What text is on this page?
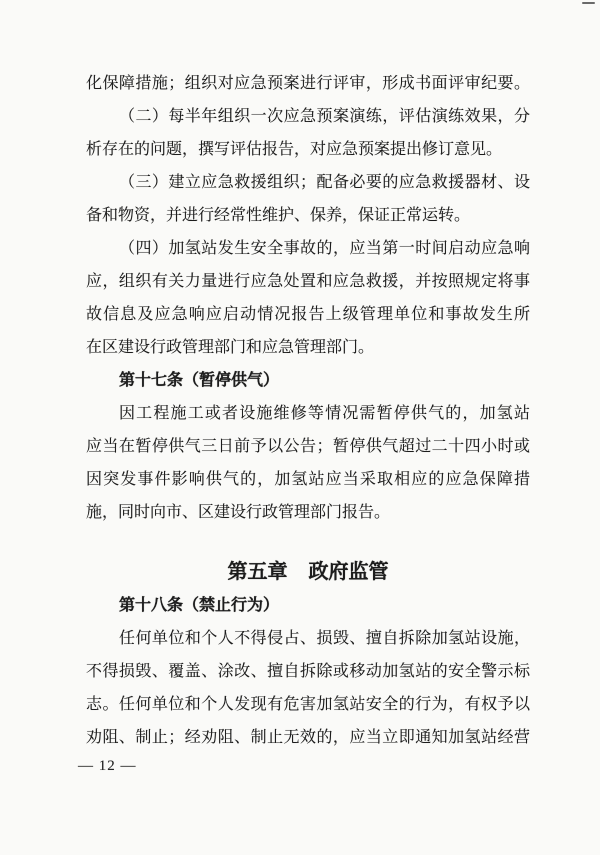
化保障措施；组织对应急预案进行评审，形成书面评审纪要。
（二）每半年组织一次应急预案演练，评估演练效果，分
析存在的问题，撰写评估报告，对应急预案提出修订意见。
（三）建立应急救援组织；配备必要的应急救援器材、设
备和物资，并进行经常性维护、保养，保证正常运转。
（四）加氢站发生安全事故的，应当第一时间启动应急响
应，组织有关力量进行应急处置和应急救援，并按照规定将事
故信息及应急响应启动情况报告上级管理单位和事故发生所
在区建设行政管理部门和应急管理部门。
第十七条（暂停供气）
因工程施工或者设施维修等情况需暂停供气的，加氢站
应当在暂停供气三日前予以公告；暂停供气超过二十四小时或
因突发事件影响供气的，加氢站应当采取相应的应急保障措
施，同时向市、区建设行政管理部门报告。
第五章 政府监管
第十八条（禁止行为）
任何单位和个人不得侵占、损毁、擅自拆除加氢站设施，
不得损毁、覆盖、涂改、擅自拆除或移动加氢站的安全警示标
志。任何单位和个人发现有危害加氢站安全的行为，有权予以
劝阻、制止；经劝阻、制止无效的，应当立即通知加氢站经营
— 12 —
